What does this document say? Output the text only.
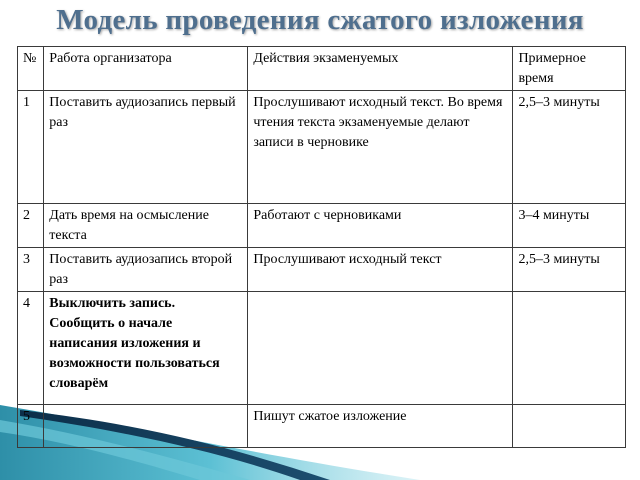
Модель проведения сжатого изложения
№	Работа организатора	Действия экзаменуемых	Примерное время
1	Поставить аудиозапись первый раз	Прослушивают исходный текст. Во время чтения текста экзаменуемые делают записи в черновике	2,5–3 минуты
2	Дать время на осмысление текста	Работают с черновиками	3–4 минуты
3	Поставить аудиозапись второй раз	Прослушивают исходный текст	2,5–3 минуты
4	Выключить запись. Сообщить о начале написания изложения и возможности пользоваться словарём		
5		Пишут сжатое изложение	
